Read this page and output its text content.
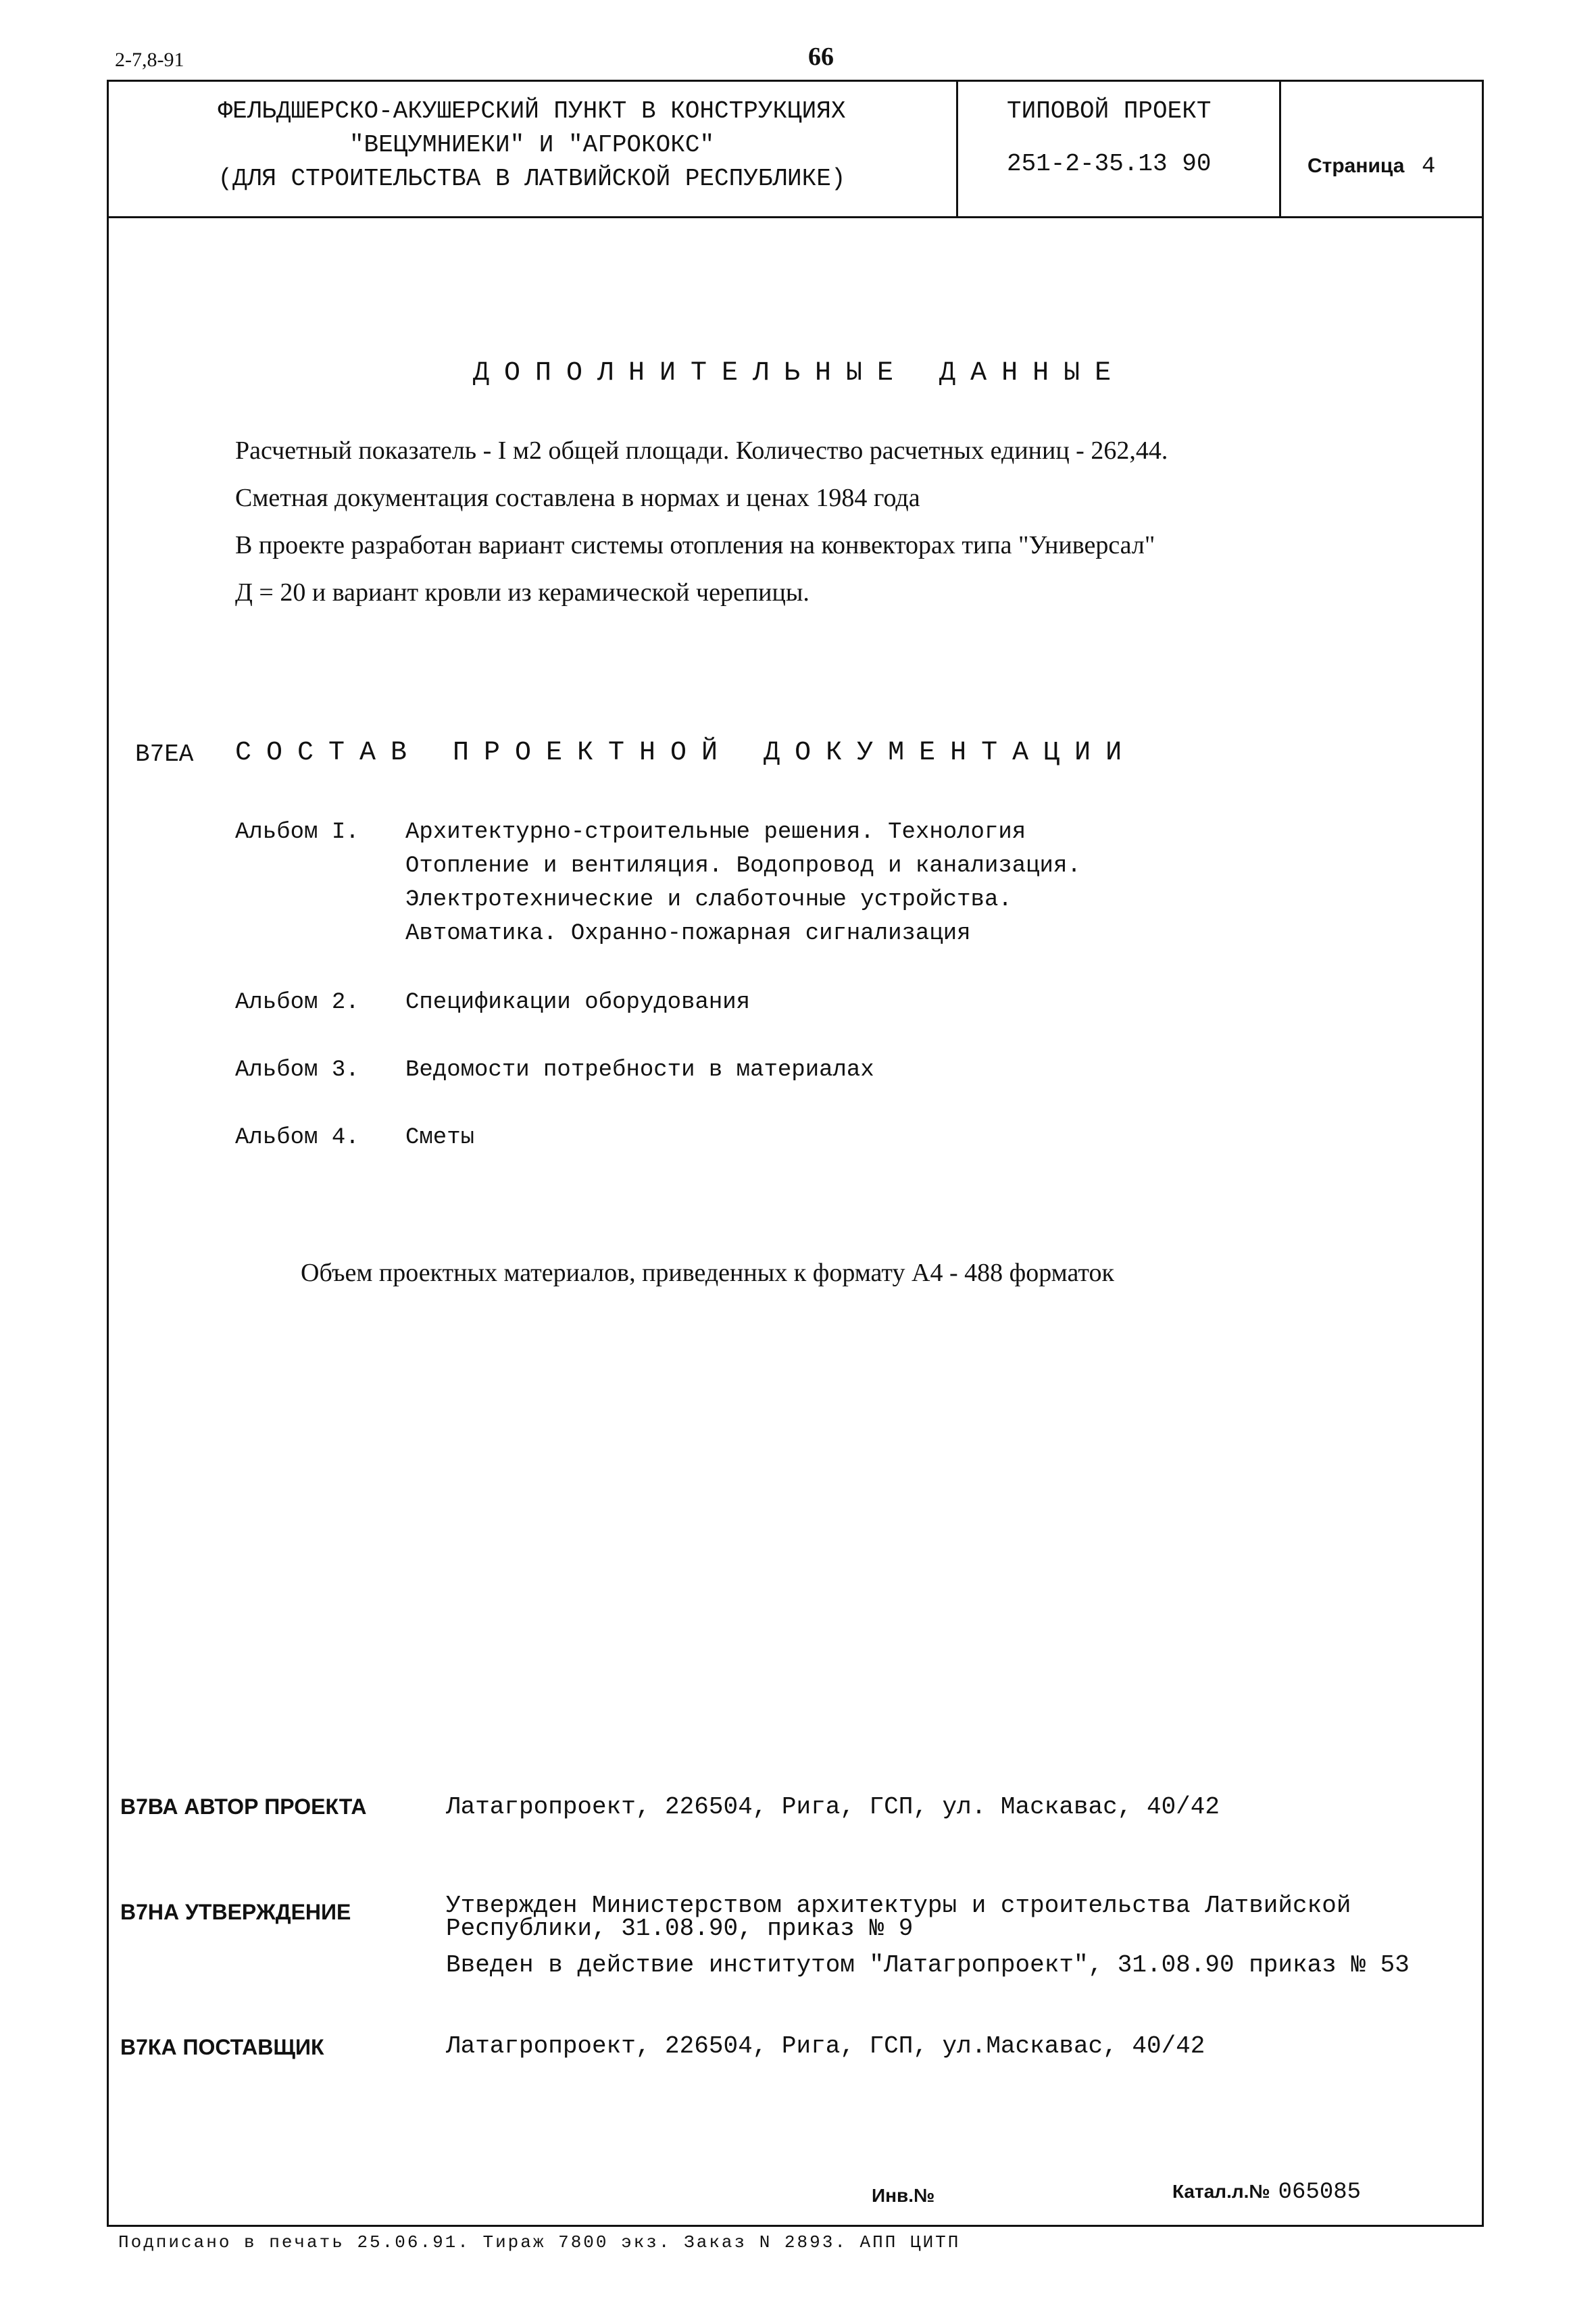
2-7,8-91	66
ФЕЛЬДШЕРСКО-АКУШЕРСКИЙ ПУНКТ В КОНСТРУКЦИЯХ
"ВЕЦУМНИЕКИ" И "АГРОКОКС"
(ДЛЯ СТРОИТЕЛЬСТВА В ЛАТВИЙСКОЙ РЕСПУБЛИКЕ)
ТИПОВОЙ ПРОЕКТ
251-2-35.13 90	Страница 4
ДОПОЛНИТЕЛЬНЫЕ ДАННЫЕ
Расчетный показатель - I м2 общей площади. Количество расчетных единиц - 262,44.
Сметная документация составлена в нормах и ценах 1984 года
В проекте разработан вариант системы отопления на конвекторах типа "Универсал"
Д = 20 и вариант кровли из керамической черепицы.
В7ЕА СОСТАВ ПРОЕКТНОЙ ДОКУМЕНТАЦИИ
Альбом I. Архитектурно-строительные решения. Технология
Отопление и вентиляция. Водопровод и канализация.
Электротехнические и слаботочные устройства.
Автоматика. Охранно-пожарная сигнализация
Альбом 2. Спецификации оборудования
Альбом 3. Ведомости потребности в материалах
Альбом 4. Сметы
Объем проектных материалов, приведенных к формату А4 - 488 форматок
В7ВА АВТОР ПРОЕКТА	Латагропроект, 226504, Рига, ГСП, ул. Маскавас, 40/42
В7НА УТВЕРЖДЕНИЕ	Утвержден Министерством архитектуры и строительства Латвийской
Республики, 31.08.90, приказ № 9
Введен в действие институтом "Латагропроект", 31.08.90 приказ № 53
В7КА ПОСТАВЩИК	Латагропроект, 226504, Рига, ГСП, ул.Маскавас, 40/42
Инв.№	Катал.л.№ 065085
Подписано в печать 25.06.91. Тираж 7800 экз. Заказ N 2893. АПП ЦИТП
